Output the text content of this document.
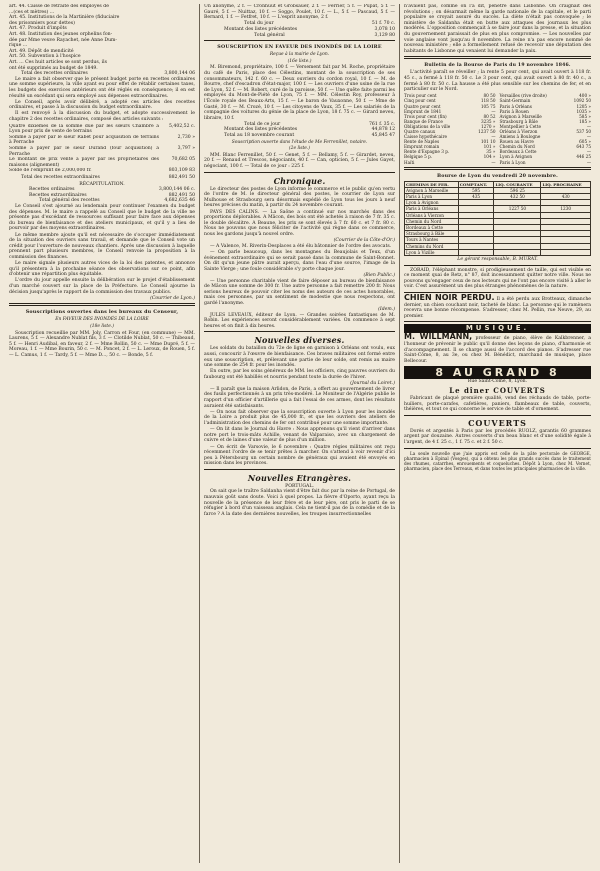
art. 44. Caisse de retraite des employés de
...(ces et mètres) ...
Art. 45. Institutions de la Martinière (fiduciaire
des prisonniers pour dettes)
Art. 47. Produit d'impôts
Art. 48. Institution des jeunes orphelins fon-
dée par Mme veuve Rayachet, née Anne Dum-
rique ...
Art. 49. Dépôt de mendicité
Art. 50. Subvention à l'hospice
Art. ... Ces huit articles se sont perdus, ils
ont été supprimés au budget de 1849.
Total des recettes ordinaires	3,800,144 06

Le maire a fait observer que le présent budget porte en recettes ordinaires une somme supérieure, la ville ayant eu pour effet de rétablir certaines taxes, les budgets des exercices antérieurs ont été réglés en conséquence; il en est résulté un excédant qui sera employé aux dépenses extraordinaires.

Le Conseil, après avoir délibéré, a adopté ces articles des recettes ordinaires, et passe à la discussion du budget extraordinaire.

Il est renvoyé à la discussion du budget, et adopte successivement le chapitre 2 des recettes ordinaires, composé des articles suivants :

Quatre dixièmes de la somme due par les sœurs Chambre à Lyon pour prix de vente de terrains
5,402,52 c.
Somme à payer par le sieur Rabet pour acquisition de terrains à Perrache
2,730 »
Somme à payer par le sieur Durand (four acquisition) à Perrache
3,797 »
Le montant de prix vente à payer par les propriétaires des maisons (alignement)
70,682 05
Solde de l'emprunt de 2,000,000 fr.	803,109 83
Total des recettes extraordinaires	882,491 50
RÉCAPITULATION.
Recettes ordinaires	3,800,144 06 c.
Recettes extraordinaires	882,491 50
Total général des recettes	4,682,635 46

Le Conseil s'est ajourné au lendemain pour continuer l'examen du budget des dépenses. M. le maire a rappelé au Conseil que le budget de la ville ne présente pas d'excédant de ressources suffisant pour faire face aux dépenses du bureau de bienfaisance et des ateliers municipaux, et qu'il y a lieu de pourvoir par des moyens extraordinaires.

Le même membre ajoute qu'il est nécessaire de s'occuper immédiatement de la situation des ouvriers sans travail, et demande que le Conseil vote un crédit pour l'ouverture de nouveaux chantiers. Après une discussion à laquelle prennent part plusieurs membres, le Conseil renvoie la proposition à la commission des finances.

Le maire signale plusieurs autres vices de la loi des patentes, et annonce qu'il présentera à la prochaine séance des observations sur ce point, afin d'obtenir une répartition plus équitable.

L'ordre du jour appelle ensuite la délibération sur le projet d'établissement d'un marché couvert sur la place de la Préfecture. Le Conseil ajourne la décision jusqu'après le rapport de la commission des travaux publics.

(Courrier de Lyon.)
Souscriptions ouvertes dans les bureaux du Censeur,
En FAVEUR DES INONDÉS DE LA LOIRE
(18e liste.)

Souscription recueillie par MM. Joly, Carron et Four, (en commune) — MM. Laurens, 5 f. — Alexandre Nublat fils, 3 f. — Clotilde Nublat, 50 c. — Thibeaud, 5 f. — Henri Audibal, en faveur, 2 f. — Mme Rollin, 50 c. — Mme Dupré, 5 f. — Moreau, 1 f. — Mme Bourin, 50 c. — M. Poncet, 2 f. — L. Leroux, de Rouen, 5 f. — L. Camus, 1 f. — Tardy, 5 f. — Mme D..., 50 c. — Bonde, 5 f.

Un anonyme, 2 f. — Cronhuut et Grobsauer, 2 f. — Ferrier, 5 f. — Pupat, 5 f. — Gauré, 5 f. — Nuittaz, 10 f. — Soggo, Poulet, 10 f. — L., 5 f. — Pascaud, 5 f. — Bernard, 1 f. — Fetfret, 10 f. — L'esprit anonyme, 2 f.

Total du jour	51 f. 70 c.
Montant des listes précédentes	3,078 10
Total général	3,129 80
SOUSCRIPTION EN FAVEUR DES INONDÉS DE LA LOIRE
Reçue à la mairie de Lyon.
(16e liste.)

M. Biremond, propriétaire, 100 f. — Versement fait par M. Roche, propriétaire du café de Paris, place des Célestins, montant de la souscription de ses consommateurs, 142 f. 60 c. — Deux ouvriers du cordon royal, 10 f. — M. de Bourre, chef d'escadron d'état-major, 100 f. — Les ouvriers d'une usine de la rue de Lyon, 52 f. — M. Robert, curé de la paroisse, 50 f. — Une quête faite parmi les employés du Mont-de-Piété de Lyon, 75 f. — MM. Célestin Roy, professeur à l'École royale des Beaux-Arts, 15 f. — Le baron de Vauxonne, 50 f. — Mme de Gasté, 30 f. — M. Crozé, 10 f. — Les citoyens de Vaux, 35 f. — Les salariés de la compagnie des voitures du génie de la place de Lyon, 18 f. 75 c. — Girard neveu, libraire, 10 f.

Total de ce jour	761 f. 35 c.
Montant des listes précédentes	44,878 12
Total au 18 novembre courant	45,845 47
Souscription ouverte dans l'étude de Me Ferrenillet, notaire.
(2e liste.)

MM. Blanc Ferrenillet, 50 f. — Genet, 5 f. — Bellamy, 5 f. — Girardet, neveu, 20 f. — Renaud et Trescos, négociants, 40 f. — Can, opticien, 5 f. — Jules Gayet, négociant, 100 f. — Total de ce jour : 225 f.

Chronique.

Le directeur des postes de Lyon informe le commerce et le public qu'en vertu de l'ordre de M. le directeur général des postes, le courrier de Lyon sur Mulhouse et Strasbourg sera désormais expédié de Lyon tous les jours à neuf heures précises du matin, à partir du 24 novembre courant.

PAYS DES CALINS. — La Saône a continué sur nos marchés dans des proportions déplorables. A Mâcon, des bois ont été achetés à raison de 7 fr. 35 c. le double décalitre. A Beaune, les prix se sont élevés à 7 fr. 60 c. et 7 fr. 80 c. Nous ne pouvons que nous féliciter de l'activité qui règne dans ce commerce, nous les gardons jusqu'à nouvel ordre.

(Courrier de la Côte-d'Or.)

— A Valence, M. Riverin-Desplaces a été élu bâtonnier de l'ordre des avocats.

— On parle beaucoup, dans les montagnes du Beaujolais et Teux, d'un événement extraordinaire qui se serait passé dans la commune de Saint-Bonnet. On dit qu'un jeune pâtre aurait aperçu, dans l'eau d'une source, l'image de la Sainte Vierge ; une foule considérable s'y porte chaque jour.

(Bien Public.)

— Une personne charitable vient de faire déposer au bureau de bienfaisance de Mâcon une somme de 300 fr. Une autre personne a fait remettre 200 fr. Nous serions heureux de pouvoir citer les noms des auteurs de ces actes honorables, mais ces personnes, par un sentiment de modestie que nous respectons, ont gardé l'anonyme.

(Idem.)

JULES LEVEAUX, éditeur de Lyon. — Grandes soirées fantastiques de M. Robin. Les expériences seront considérablement variées. On commence à sept heures et on finit à dix heures.

Nouvelles diverses.

Les soldats du bataillon du 72e de ligne en garnison à Orléans ont voulu, eux aussi, concourir à l'œuvre de bienfaisance. Ces braves militaires ont formé entre eux une souscription, et, prélevant une partie de leur solde, ont remis au maire une somme de 254 fr. pour les inondés.

En outre, par les soins généreux de MM. les officiers, cinq pauvres ouvriers du faubourg ont été habillés et nourris pendant toute la durée de l'hiver.

(Journal du Loiret.)

— Il paraît que la maison Arlidon, de Paris, a offert au gouvernement de livrer des fusils perfectionnés à un prix très-modéré. Le Moniteur de l'Algérie publie le rapport d'un officier d'artillerie qui a fait l'essai de ces armes, dont les résultats auraient été satisfaisants.

— On nous fait observer que la souscription ouverte à Lyon pour les inondés de la Loire a produit plus de 45,000 fr., et que les ouvriers des ateliers de l'administration des chemins de fer ont contribué pour une somme importante.

— On lit dans le Journal du Havre : Nous apprenons qu'il vient d'arriver dans notre port le trois-mâts Achille, venant de Valparaiso, avec un chargement de cuivre et de laines d'une valeur de plus d'un million.

— On écrit de Varsovie, le 6 novembre : Quatre régies militaires ont reçu récemment l'ordre de se tenir prêtes à marcher. On s'attend à voir revenir d'ici peu à Pétersbourg un certain nombre de généraux qui avaient été envoyés en mission dans les provinces.

Nouvelles Etrangères.
PORTUGAL.

On sait que le traître Saldanha vient d'être fait duc par la reine de Portugal, de mauvais goût sans doute. Voici à quel propos. La fièvre d'Oporto, ayant reçu la nouvelle de la présence de leur frère et de leur père, ont pris le parti de se réfugier à bord d'un vaisseau anglais. Cela ne tient-il pas de la comédie et de la farce ? A la date des dernières nouvelles, les troupes insurrectionnelles

n'avaient pas, comme on l'a dit, pénétré dans Lisbonne. On craignait des révolutions ; on désarmait même la garde nationale de la capitale, et le parti populaire se croyait assuré du succès. La diète n'était pas convoquée ; le ministère de Saldanha était en butte aux attaques des journaux les plus modérés. L'opposition commençait à se faire jour dans la presse, et la situation du gouvernement paraissait de plus en plus compromise. — Les nouvelles par voie anglaise vont jusqu'au 8 novembre. La reine n'a pas encore nommé de nouveau ministère ; elle a formellement refusé de recevoir une députation des habitants de Lisbonne qui venaient lui demander la paix.

Bulletin de la Bourse de Paris du 19 novembre 1846.

L'activité paraît se réveiller ; la rente 5 pour cent, qui avait ouvert à 118 fr. 45 c., a fermé à 118 fr. 50 c. Le 3 pour cent, qui avait ouvert à 80 fr. 40 c., a fermé à 80 fr. 50 c. La hausse a été plus sensible sur les chemins de fer, et en particulier sur le Nord.

Trois pour cent	80 50
Cinq pour cent	118 50
Quatre pour cent	105 75
Emprunt de 1841	—
Trois pour cent (fin)	80 52
Banque de France	3235 »
Obligations de la ville	1270 »
Quatre canaux	1237 50
Caisse hypothécaire	—
Rente de Naples	101 10
Emprunt romain	101 »
Rente d'Espagne 3 p.	35 »
Belgique 5 p.	104 »
Haïti	—
Versailles (rive droite)	400 »
Saint-Germain	1092 50
Paris à Orléans	1205 »
Paris à Rouen	1035 »
Avignon à Marseille	585 »
Strasbourg à Bâle	185 »
Montpellier à Cette	—
Orléans à Vierzon	537 50
Amiens à Boulogne	—
Rouen au Havre	605 »
Chemin du Nord	643 75
Bordeaux à Cette	—
Lyon à Avignon	446 25
Paris à Lyon	—
Bourse de Lyon du vendredi 20 novembre.
CHEMINS DE FER.	COMPTANT.	LIQ. COURANTE	LIQ. PROCHAINE
Avignon à Marseille	595	596 25	
Paris à Lyon	435	432 50	430
Lyon à Avignon			
Paris à Orléans		1227 50	1230
Orléans à Vierzon			
Chemin du Nord			
Bordeaux à Cette			
Strasbourg à Bâle			
Tours à Nantes			
Chemins du Nord			
Lyon à Vizille			
Le gérant responsable, B. MURAT.

ZORAID, l'éléphant monstre, si prodigieusement de taille, qui est visible en ce moment quai de Retz, n° 87, doit incessamment quitter notre ville. Nous ne pouvons qu'engager ceux de nos lecteurs qui ne l'ont pas encore visité à aller le voir. C'est assurément un des plus étranges phénomènes de la nature.

CHIEN NOIR PERDU. Il a été perdu aux Brotteaux, dimanche dernier, un chien couchant noir, tacheté de blanc. La personne qui le ramènera recevra une bonne récompense. S'adresser, chez M. Pellin, rue Neuve, 29, au premier.
MUSIQUE.
M. WILLMANN, professeur de piano, élève de Kalkbrenner, a l'honneur de prévenir le public qu'il donne des leçons de piano, d'harmonie et d'accompagnement. Il se charge aussi de l'accord des pianos. S'adresser rue Saint-Côme, 8, au 3e, ou chez M. Bénédict, marchand de musique, place Bellecour.
8 AU GRAND 8
Rue Saint-Côme, 8, Lyon.
Le dîner COUVERTS

Fabricant de plaqué première qualité, vend des réchauds de table, porte-huiliers, porte-carafes, cafetières, paniers, flambeaux de table, couverts, théières, et tout ce qui concerne le service de table et d'ornement.

COUVERTS

Dorés et argentés à Paris par les procédés RUOLZ, garantis 60 grammes argent par douzaine. Autres couverts d'un beau blanc et d'une solidité égale à l'argent, de 4 f. 25 c., 1 f. 75 c. et 2 f. 50 c.

La seule nouvelle que j'aie appris est celle de la pâte pectorale de GEORGE, pharmacien à Épinal (Vosges), qui a obtenu les plus grands succès dans le traitement des rhumes, catarrhes, enrouements et coqueluches. Dépôt à Lyon, chez M. Vernet, pharmacien, place des Terreaux, et dans toutes les principales pharmacies de la ville.
